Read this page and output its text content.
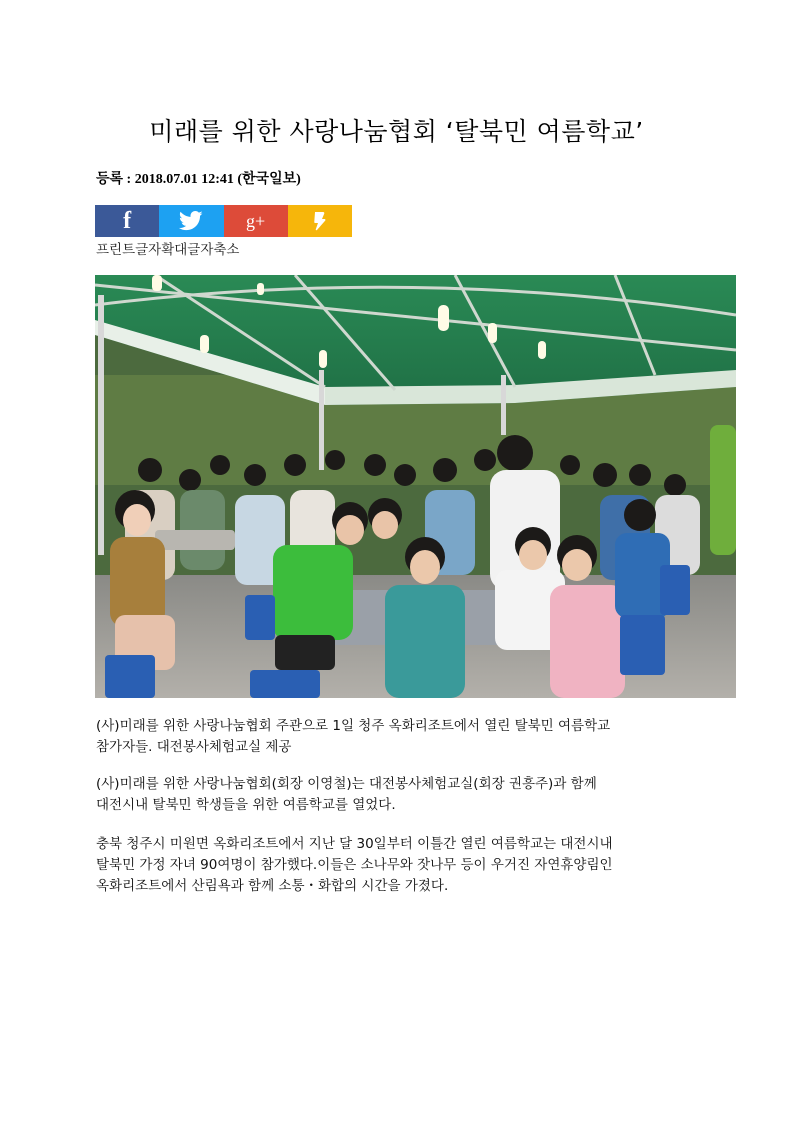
미래를 위한 사랑나눔협회 ‘탈북민 여름학교’
등록 : 2018.07.01 12:41 (한국일보)
f	g+
프린트글자확대글자축소

(사)미래를 위한 사랑나눔협회 주관으로 1일 청주 옥화리조트에서 열린 탈북민 여름학교
참가자들. 대전봉사체험교실 제공

(사)미래를 위한 사랑나눔협회(회장 이영철)는 대전봉사체험교실(회장 권흥주)과 함께
대전시내 탈북민 학생들을 위한 여름학교를 열었다.

충북 청주시 미원면 옥화리조트에서 지난 달 30일부터 이틀간 열린 여름학교는 대전시내
탈북민 가정 자녀 90여명이 참가했다.이들은 소나무와 잣나무 등이 우거진 자연휴양림인
옥화리조트에서 산림욕과 함께 소통・화합의 시간을 가졌다.
